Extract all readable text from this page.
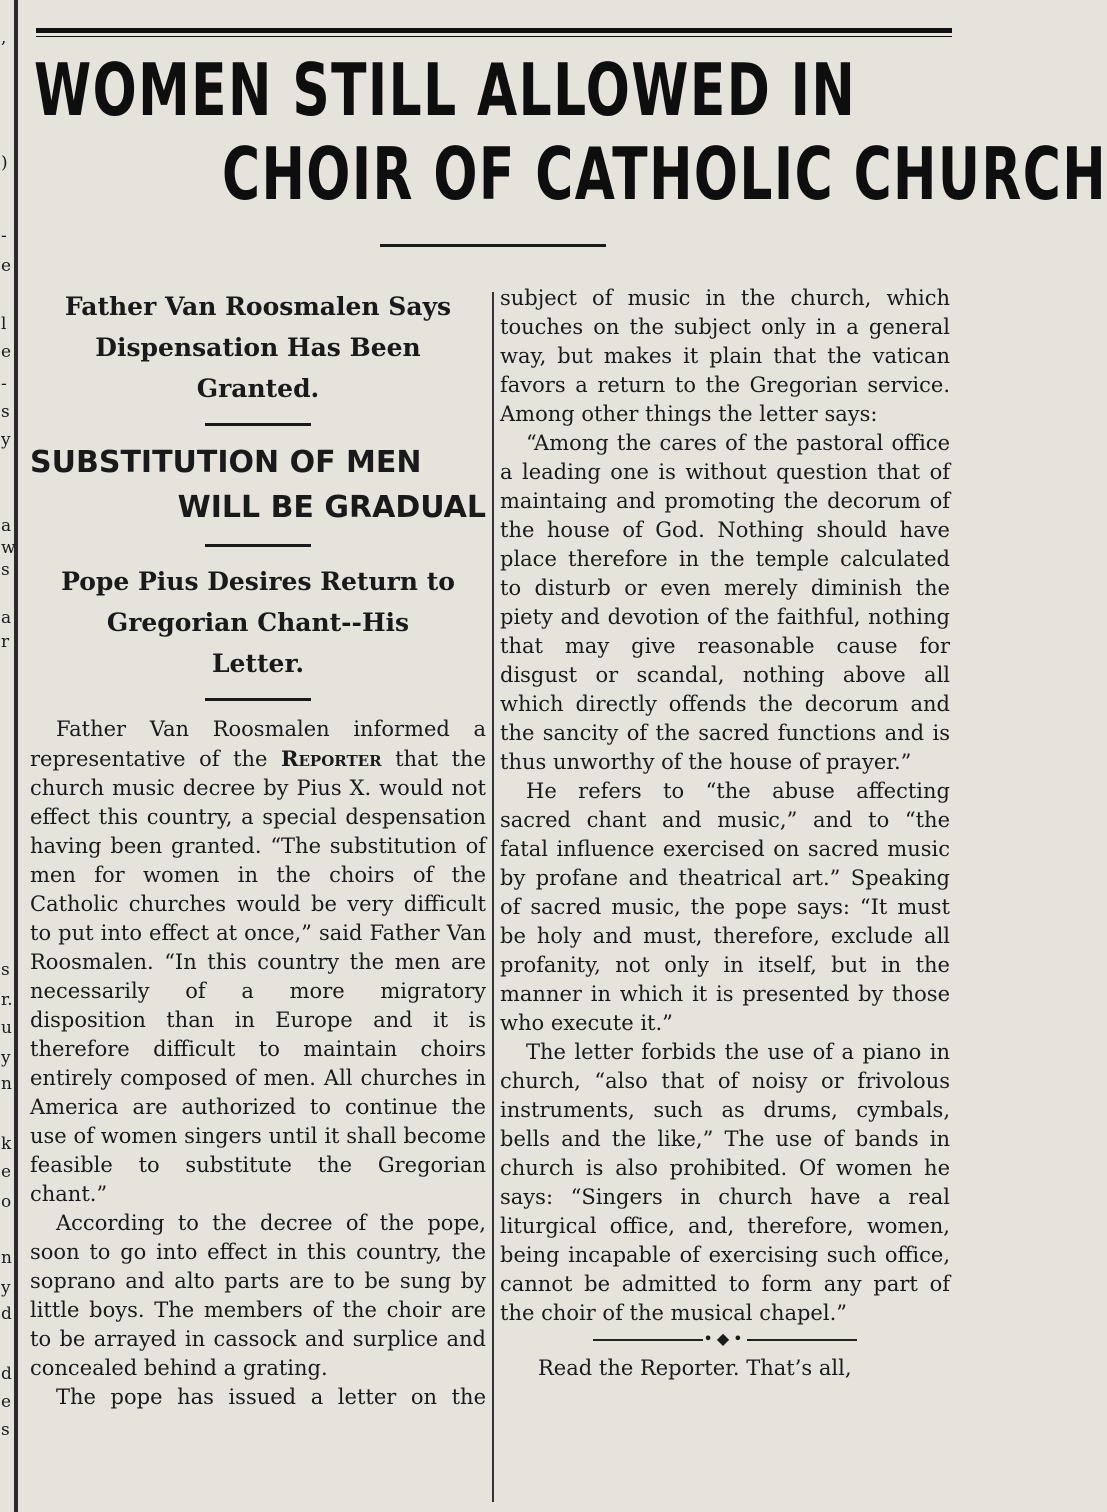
,
)
-
e
l
e
-
s
y
a
w
s
a
r
s
r.
u
y
n
k
e
o
n
y
d
d
e
s
WOMEN STILL ALLOWED IN
CHOIR OF CATHOLIC CHURCH

Father Van Roosmalen Says

Dispensation Has Been

Granted.

SUBSTITUTION OF MEN
WILL BE GRADUAL

Pope Pius Desires Return to

Gregorian Chant--His

Letter.

Father Van Roosmalen informed a representative of the Reporter that the church music decree by Pius X. would not effect this country, a special despensation having been granted. “The substitution of men for women in the choirs of the Catholic churches would be very difficult to put into effect at once,” said Father Van Roosmalen. “In this country the men are necessarily of a more migratory disposition than in Europe and it is therefore difficult to maintain choirs entirely composed of men. All churches in America are authorized to continue the use of women singers until it shall become feasible to substitute the Gregorian chant.”

According to the decree of the pope, soon to go into effect in this country, the soprano and alto parts are to be sung by little boys. The members of the choir are to be arrayed in cassock and surplice and concealed behind a grating.

The pope has issued a letter on the

subject of music in the church, which touches on the subject only in a general way, but makes it plain that the vatican favors a return to the Gregorian service. Among other things the letter says:

“Among the cares of the pastoral office a leading one is without question that of maintaing and promoting the decorum of the house of God. Nothing should have place therefore in the temple calculated to disturb or even merely diminish the piety and devotion of the faithful, nothing that may give reasonable cause for disgust or scandal, nothing above all which directly offends the decorum and the sancity of the sacred functions and is thus unworthy of the house of prayer.”

He refers to “the abuse affecting sacred chant and music,” and to “the fatal influence exercised on sacred music by profane and theatrical art.” Speaking of sacred music, the pope says: “It must be holy and must, therefore, exclude all profanity, not only in itself, but in the manner in which it is presented by those who execute it.”

The letter forbids the use of a piano in church, “also that of noisy or frivolous instruments, such as drums, cymbals, bells and the like,” The use of bands in church is also prohibited. Of women he says: “Singers in church have a real liturgical office, and, therefore, women, being incapable of exercising such office, cannot be admitted to form any part of the choir of the musical chapel.”

•◆•

Read the Reporter. That’s all,
